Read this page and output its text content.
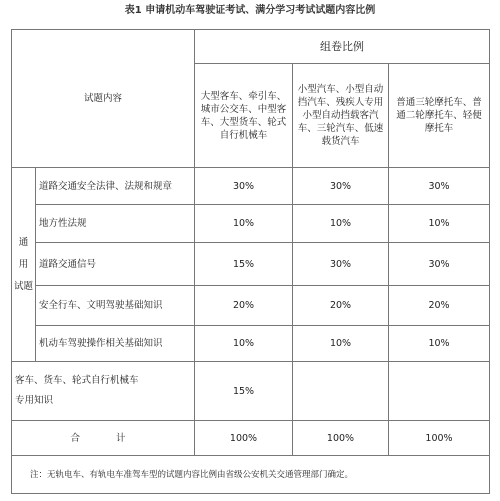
表1 申请机动车驾驶证考试、满分学习考试试题内容比例
试题内容		组卷比例		
		大型客车、牵引车、城市公交车、中型客车、大型货车、轮式自行机械车	小型汽车、小型自动挡汽车、残疾人专用小型自动挡载客汽车、三轮汽车、低速载货汽车	普通三轮摩托车、普通二轮摩托车、轻便摩托车

通
用
试题	道路交通安全法律、法规和规章	30%	30%	30%
	地方性法规	10%	10%	10%
	道路交通信号	15%	30%	30%
	安全行车、文明驾驶基础知识	20%	20%	20%
	机动车驾驶操作相关基础知识	10%	10%	10%

客车、货车、轮式自行机械车
专用知识		15%		
合  计		100%	100%	100%
注：无轨电车、有轨电车准驾车型的试题内容比例由省级公安机关交通管理部门确定。				
